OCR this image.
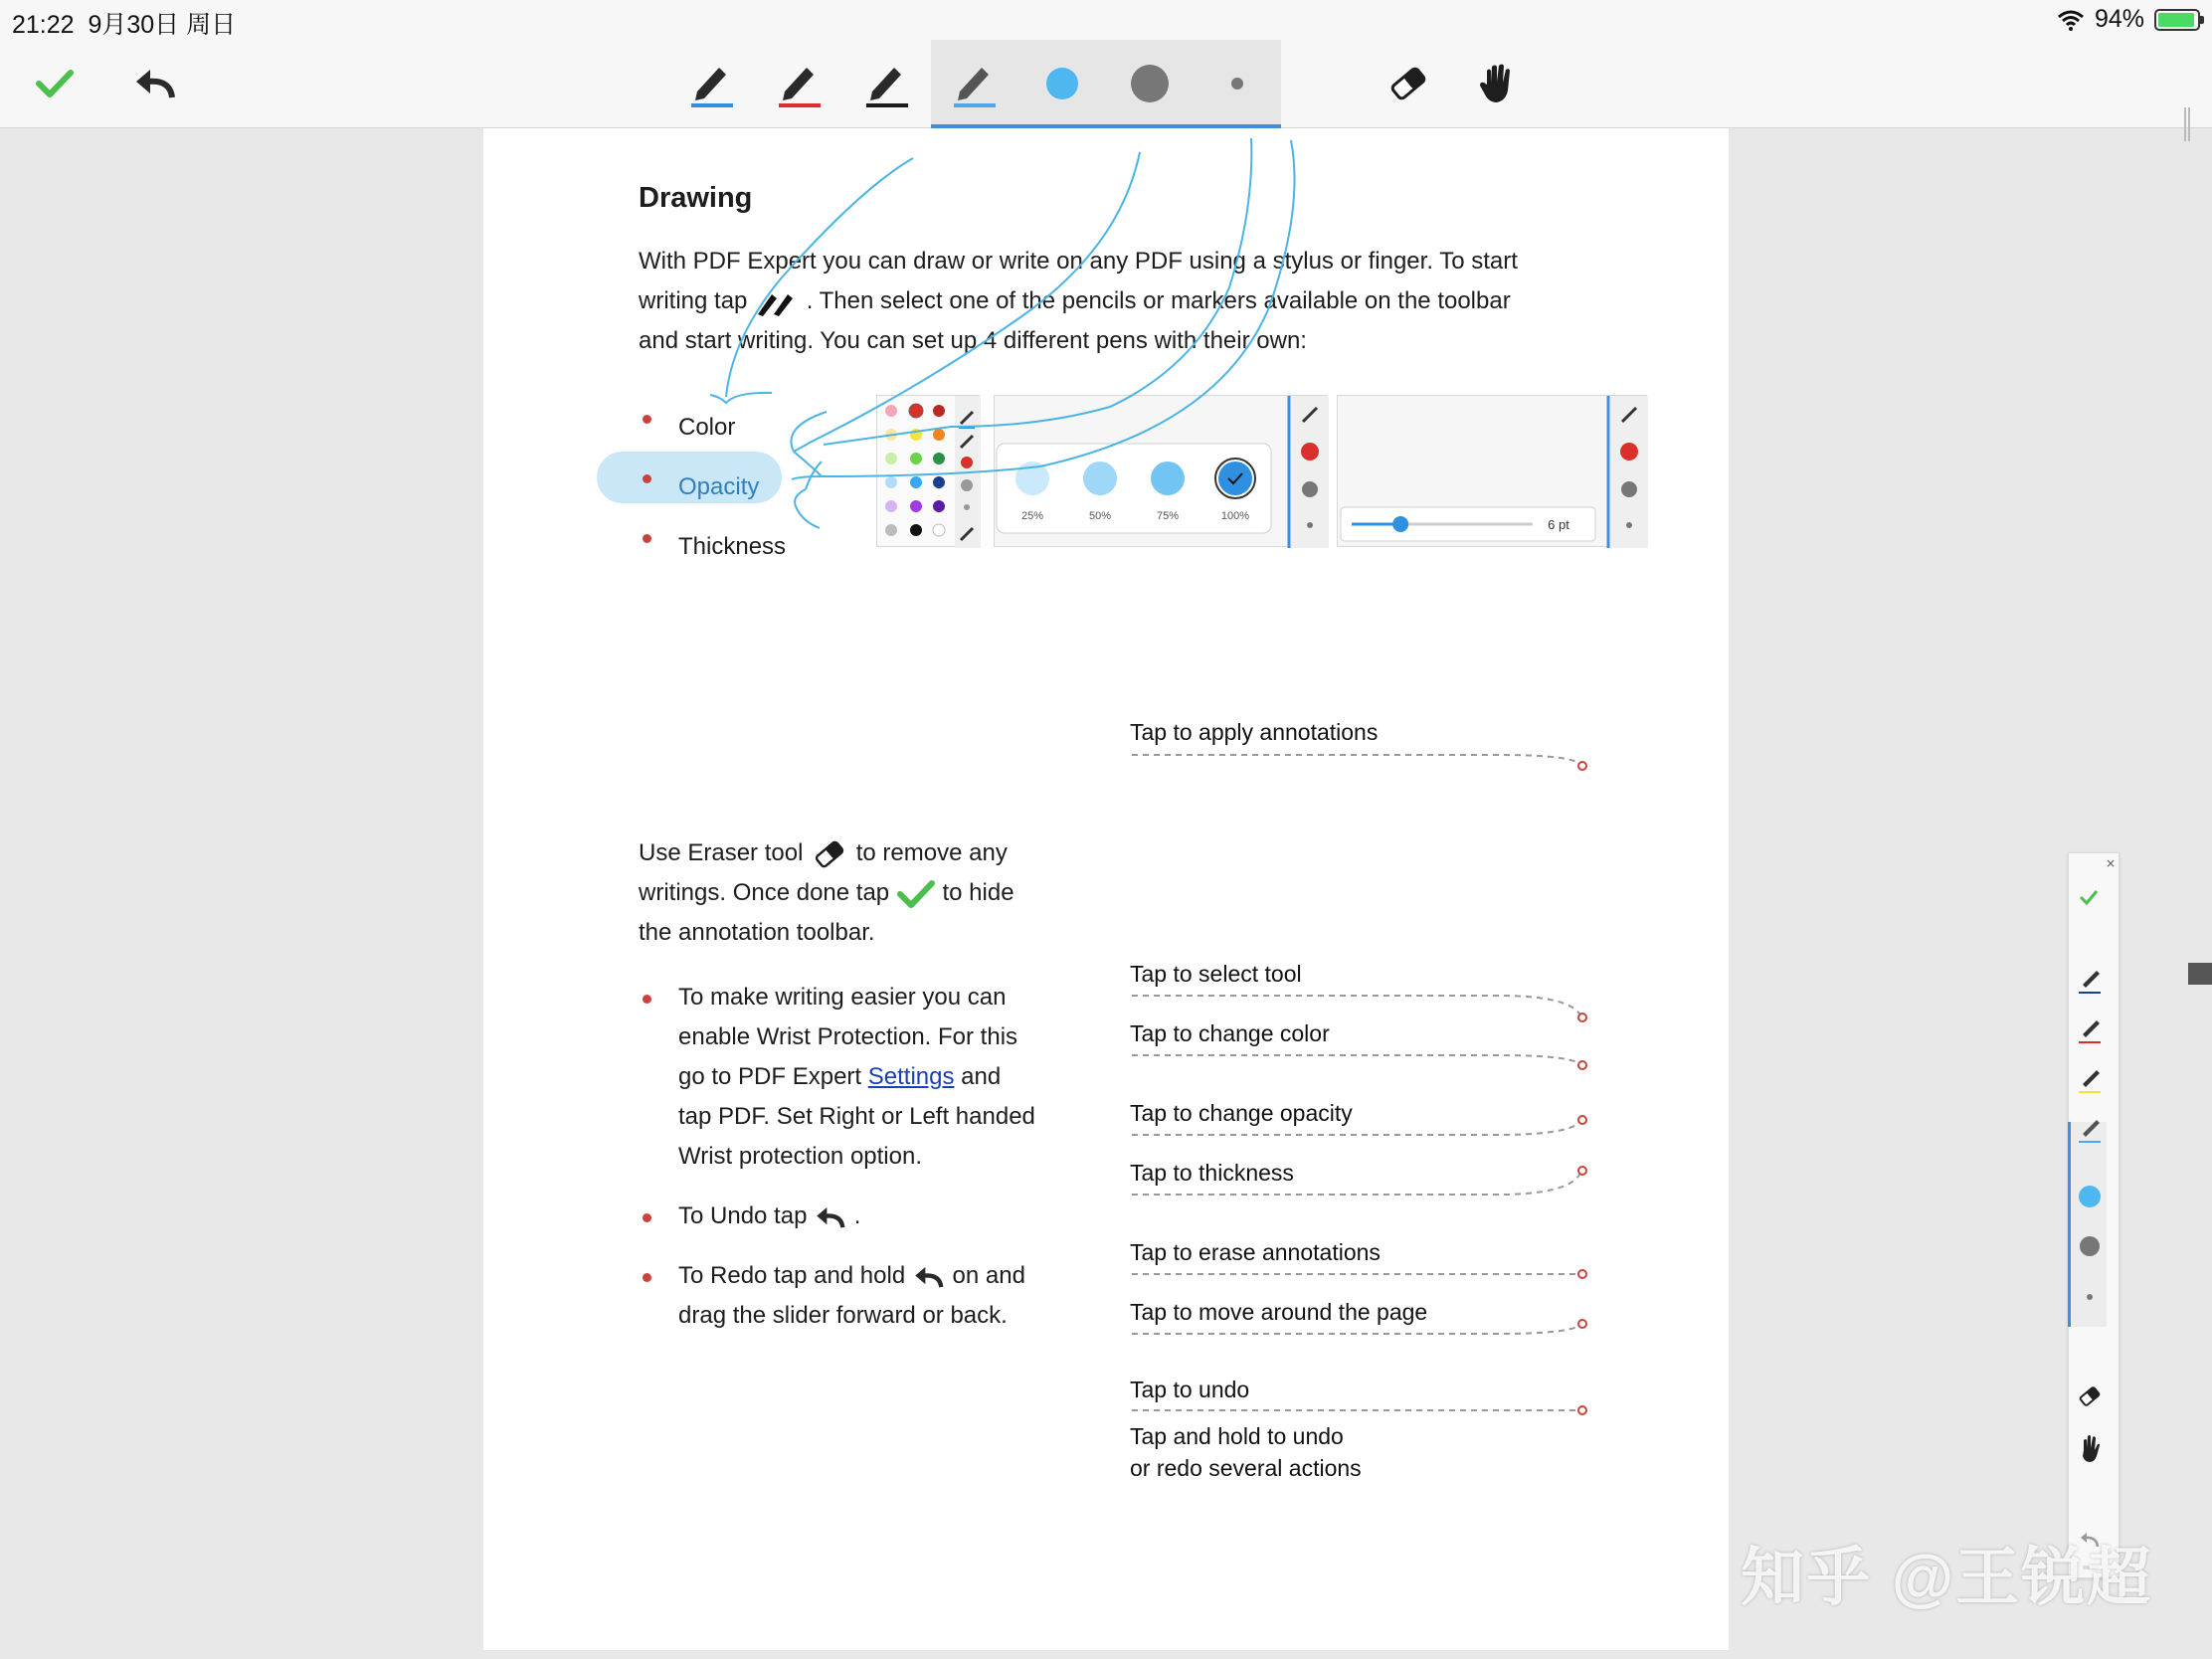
21:22 9月30日 周日	94%
Drawing
With PDF Expert you can draw or write on any PDF using a stylus or finger. To start
writing tap . Then select one of the pencils or markers available on the toolbar
and start writing. You can set up 4 different pens with their own:
Color
Opacity
Thickness
25%	50%	75%	100%
6 pt
Use Eraser tool to remove any
writings. Once done tap to hide
the annotation toolbar.
To make writing easier you can
enable Wrist Protection. For this
go to PDF Expert Settings and
tap PDF. Set Right or Left handed
Wrist protection option.
To Undo tap .
To Redo tap and hold on and
drag the slider forward or back.
Tap to apply annotations
Tap to select tool
Tap to change color
Tap to change opacity
Tap to thickness
Tap to erase annotations
Tap to move around the page
Tap to undo
Tap and hold to undo
or redo several actions
×
知乎 @王锐超
